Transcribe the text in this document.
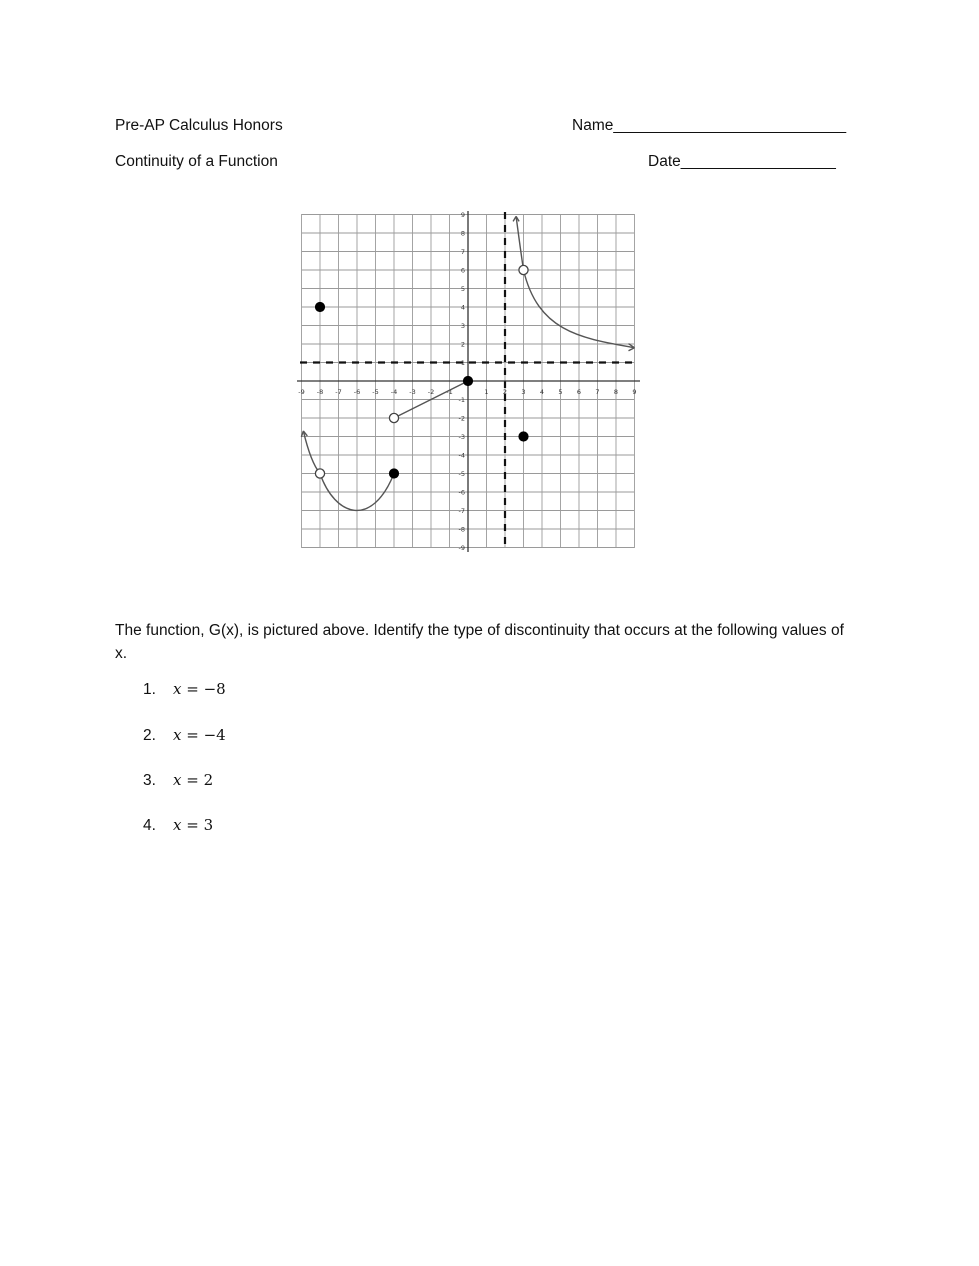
Pre-AP Calculus Honors	Name___________________________
Continuity of a Function	Date__________________
-9 -8 -7 -6 -5 -4 -3 -2 -1	1 2 3 4 5 6 7 8 9
9
8
7
6
5
4
3
2
1
-1
-2
-3
-4
-5
-6
-7
-8
-9
The function, G(x), is pictured above. Identify the type of discontinuity that occurs at the following values of x.
1. x = −8
2. x = −4
3. x = 2
4. x = 3
